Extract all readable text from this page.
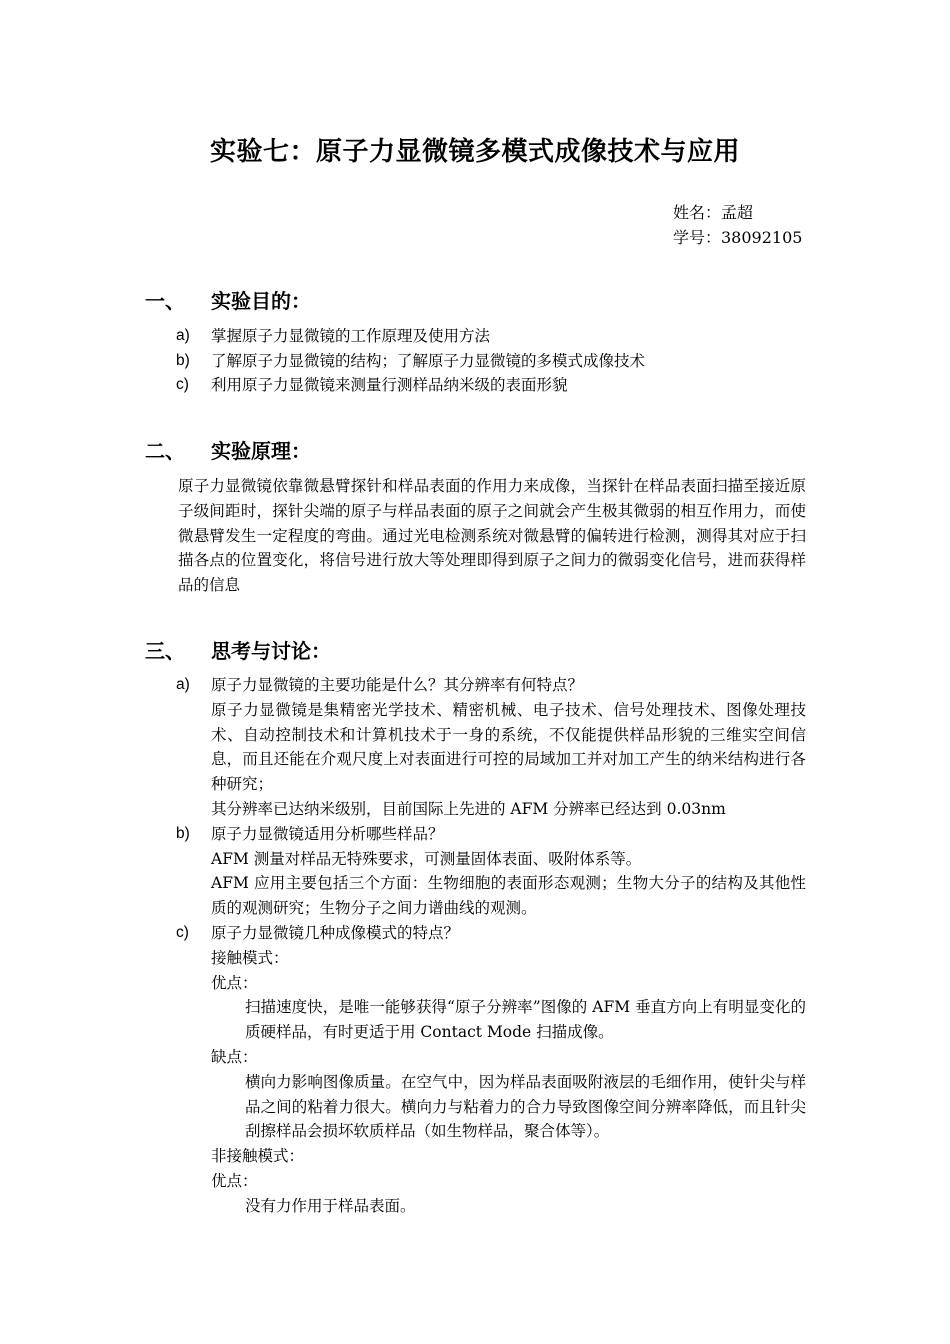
实验七：原子力显微镜多模式成像技术与应用
姓名：孟超
学号：38092105
一、 实验目的：
a) 掌握原子力显微镜的工作原理及使用方法
b) 了解原子力显微镜的结构；了解原子力显微镜的多模式成像技术
c) 利用原子力显微镜来测量行测样品纳米级的表面形貌
二、 实验原理：
原子力显微镜依靠微悬臂探针和样品表面的作用力来成像，当探针在样品表面扫描至接近原子级间距时，探针尖端的原子与样品表面的原子之间就会产生极其微弱的相互作用力，而使微悬臂发生一定程度的弯曲。通过光电检测系统对微悬臂的偏转进行检测，测得其对应于扫描各点的位置变化，将信号进行放大等处理即得到原子之间力的微弱变化信号，进而获得样品的信息
三、 思考与讨论：
a) 原子力显微镜的主要功能是什么？其分辨率有何特点？
原子力显微镜是集精密光学技术、精密机械、电子技术、信号处理技术、图像处理技术、自动控制技术和计算机技术于一身的系统，不仅能提供样品形貌的三维实空间信息，而且还能在介观尺度上对表面进行可控的局域加工并对加工产生的纳米结构进行各种研究；
其分辨率已达纳米级别，目前国际上先进的 AFM 分辨率已经达到 0.03nm
b) 原子力显微镜适用分析哪些样品？
AFM 测量对样品无特殊要求，可测量固体表面、吸附体系等。
AFM 应用主要包括三个方面：生物细胞的表面形态观测；生物大分子的结构及其他性质的观测研究；生物分子之间力谱曲线的观测。
c) 原子力显微镜几种成像模式的特点？
接触模式：
优点：
扫描速度快，是唯一能够获得“原子分辨率”图像的 AFM 垂直方向上有明显变化的质硬样品，有时更适于用 Contact Mode 扫描成像。
缺点：
横向力影响图像质量。在空气中，因为样品表面吸附液层的毛细作用，使针尖与样品之间的粘着力很大。横向力与粘着力的合力导致图像空间分辨率降低，而且针尖刮擦样品会损坏软质样品（如生物样品，聚合体等）。
非接触模式：
优点：
没有力作用于样品表面。
